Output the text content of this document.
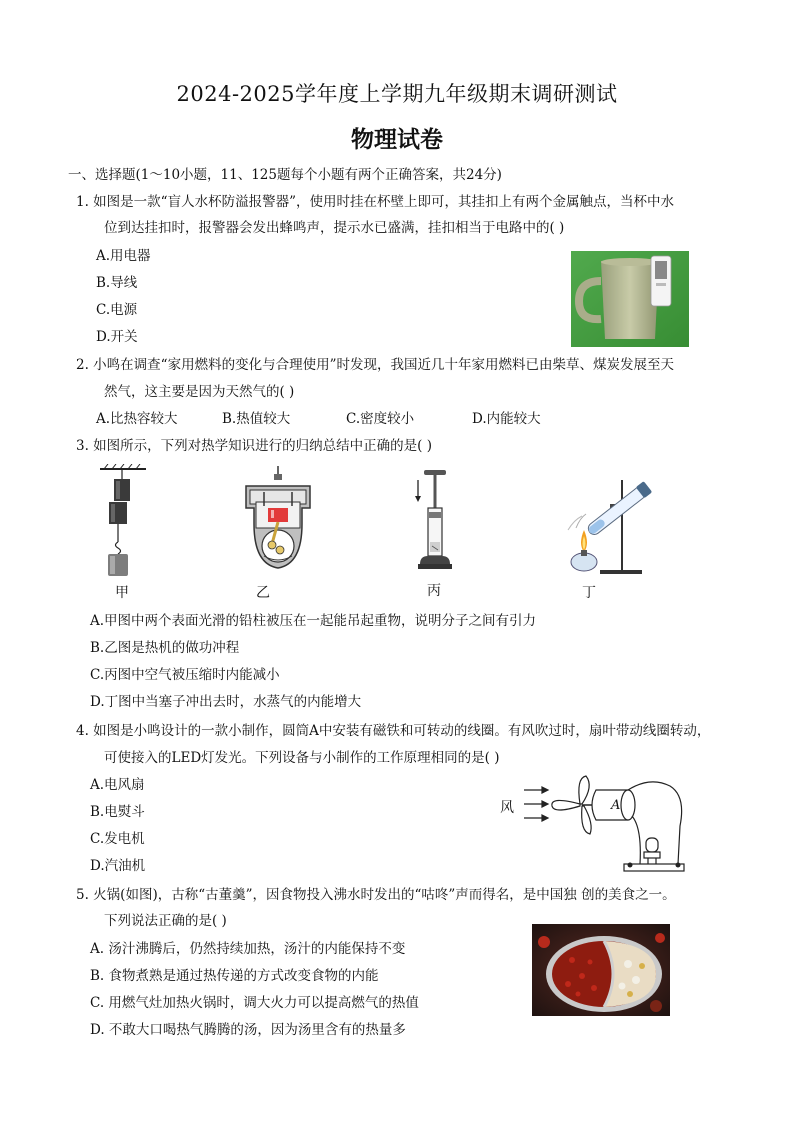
2024-2025学年度上学期九年级期末调研测试
物理试卷
一、选择题(1～10小题，11、125题每个小题有两个正确答案，共24分)
1. 如图是一款“盲人水杯防溢报警器”，使用时挂在杯壁上即可，其挂扣上有两个金属触点，当杯中水
位到达挂扣时，报警器会发出蜂鸣声，提示水已盛满，挂扣相当于电路中的( )
A.用电器
B.导线
C.电源
D.开关
2. 小鸣在调查“家用燃料的变化与合理使用”时发现，我国近几十年家用燃料已由柴草、煤炭发展至天
然气，这主要是因为天然气的( )
A.比热容较大	B.热值较大	C.密度较小	D.内能较大
3. 如图所示，下列对热学知识进行的归纳总结中正确的是( )
甲	乙	丙	丁
A.甲图中两个表面光滑的铅柱被压在一起能吊起重物，说明分子之间有引力
B.乙图是热机的做功冲程
C.丙图中空气被压缩时内能减小
D.丁图中当塞子冲出去时，水蒸气的内能增大
4. 如图是小鸣设计的一款小制作，圆筒A中安装有磁铁和可转动的线圈。有风吹过时，扇叶带动线圈转动，
可使接入的LED灯发光。下列设备与小制作的工作原理相同的是( )
A.电风扇
B.电熨斗
C.发电机
D.汽油机
风	A
5. 火锅(如图)，古称“古董羹”，因食物投入沸水时发出的“咕咚”声而得名，是中国独 创的美食之一。
下列说法正确的是( )
A. 汤汁沸腾后，仍然持续加热，汤汁的内能保持不变
B. 食物煮熟是通过热传递的方式改变食物的内能
C. 用燃气灶加热火锅时，调大火力可以提高燃气的热值
D. 不敢大口喝热气腾腾的汤，因为汤里含有的热量多
